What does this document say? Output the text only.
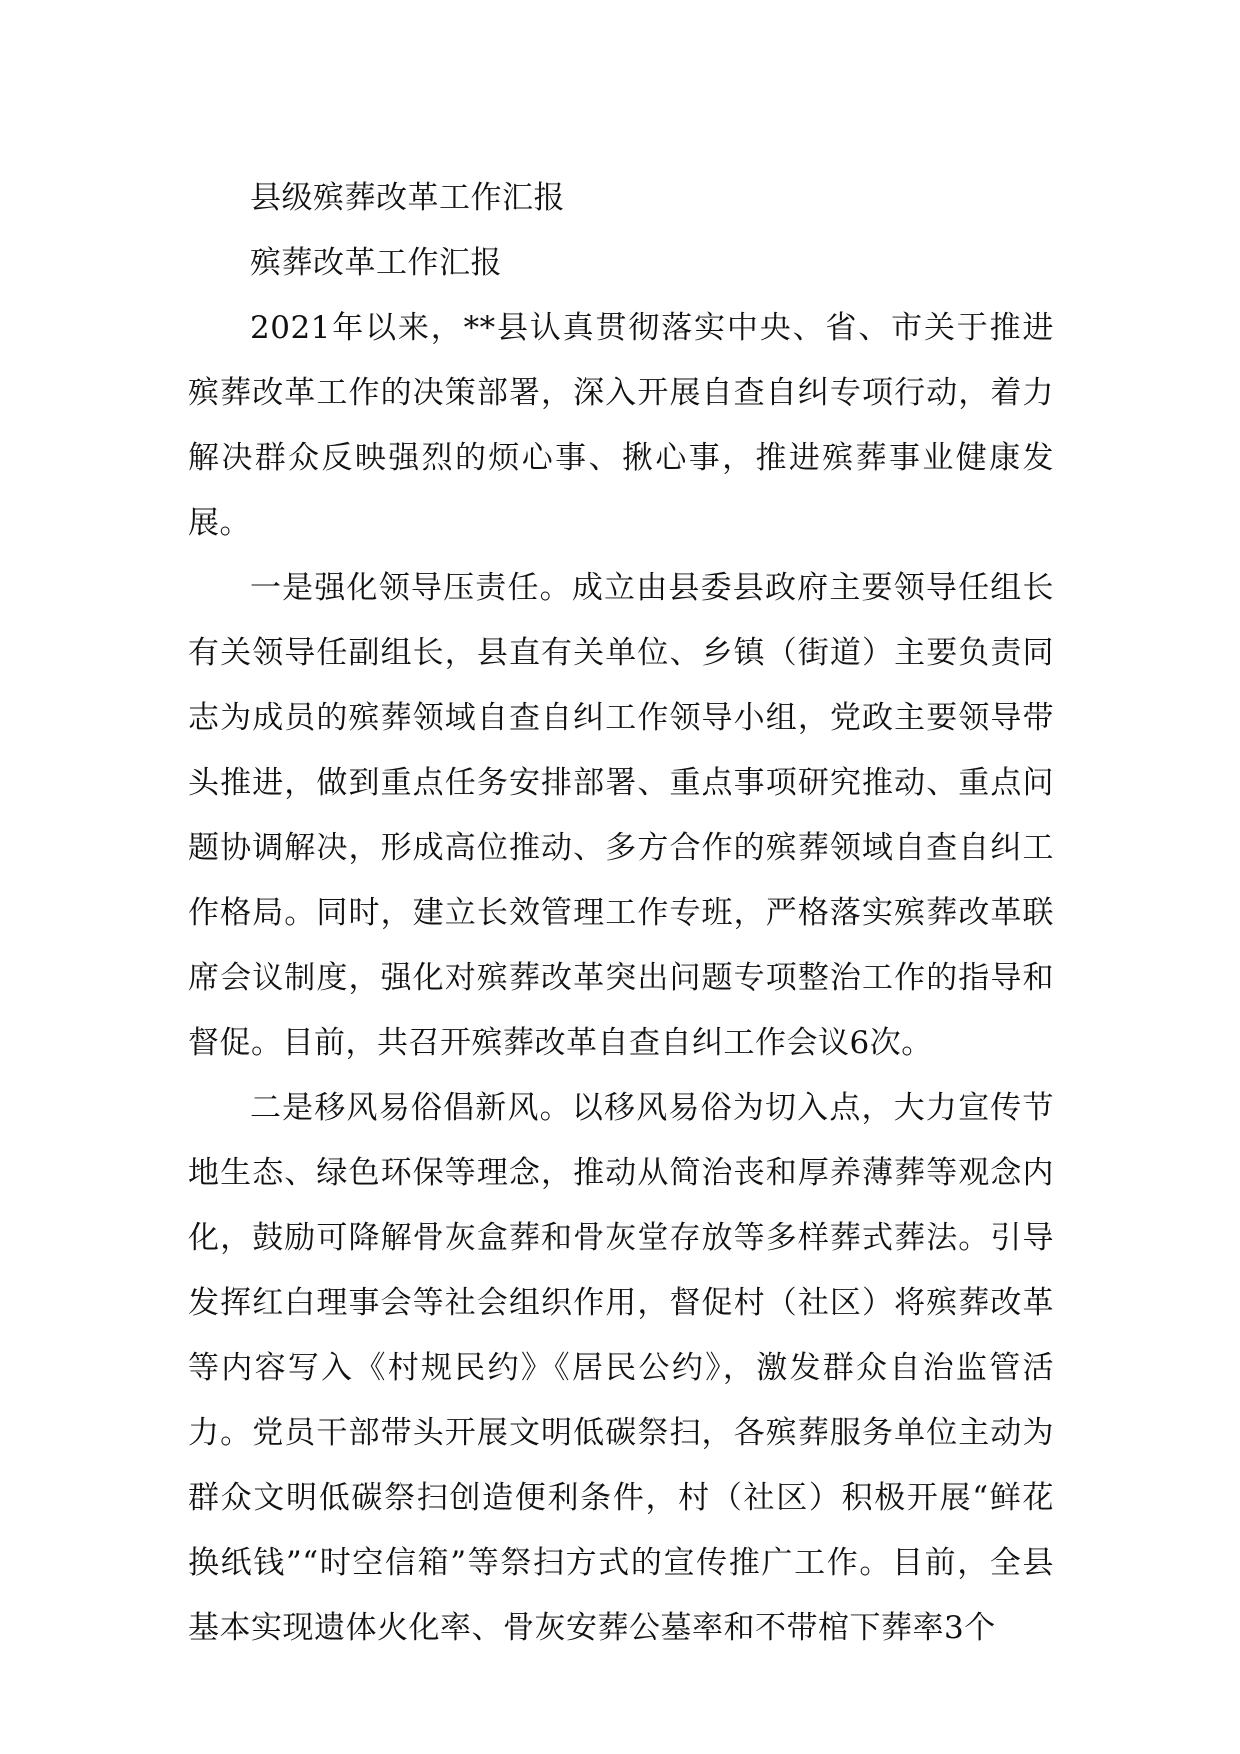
县级殡葬改革工作汇报

殡葬改革工作汇报

2021年以来，**县认真贯彻落实中央、省、市关于推进殡葬改革工作的决策部署，深入开展自查自纠专项行动，着力解决群众反映强烈的烦心事、揪心事，推进殡葬事业健康发展。

一是强化领导压责任。成立由县委县政府主要领导任组长有关领导任副组长，县直有关单位、乡镇（街道）主要负责同志为成员的殡葬领域自查自纠工作领导小组，党政主要领导带头推进，做到重点任务安排部署、重点事项研究推动、重点问题协调解决，形成高位推动、多方合作的殡葬领域自查自纠工作格局。同时，建立长效管理工作专班，严格落实殡葬改革联席会议制度，强化对殡葬改革突出问题专项整治工作的指导和督促。目前，共召开殡葬改革自查自纠工作会议6次。

二是移风易俗倡新风。以移风易俗为切入点，大力宣传节地生态、绿色环保等理念，推动从简治丧和厚养薄葬等观念内化，鼓励可降解骨灰盒葬和骨灰堂存放等多样葬式葬法。引导发挥红白理事会等社会组织作用，督促村（社区）将殡葬改革等内容写入《村规民约》《居民公约》，激发群众自治监管活力。党员干部带头开展文明低碳祭扫，各殡葬服务单位主动为群众文明低碳祭扫创造便利条件，村（社区）积极开展“鲜花换纸钱”“时空信箱”等祭扫方式的宣传推广工作。目前，全县基本实现遗体火化率、骨灰安葬公墓率和不带棺下葬率3个
